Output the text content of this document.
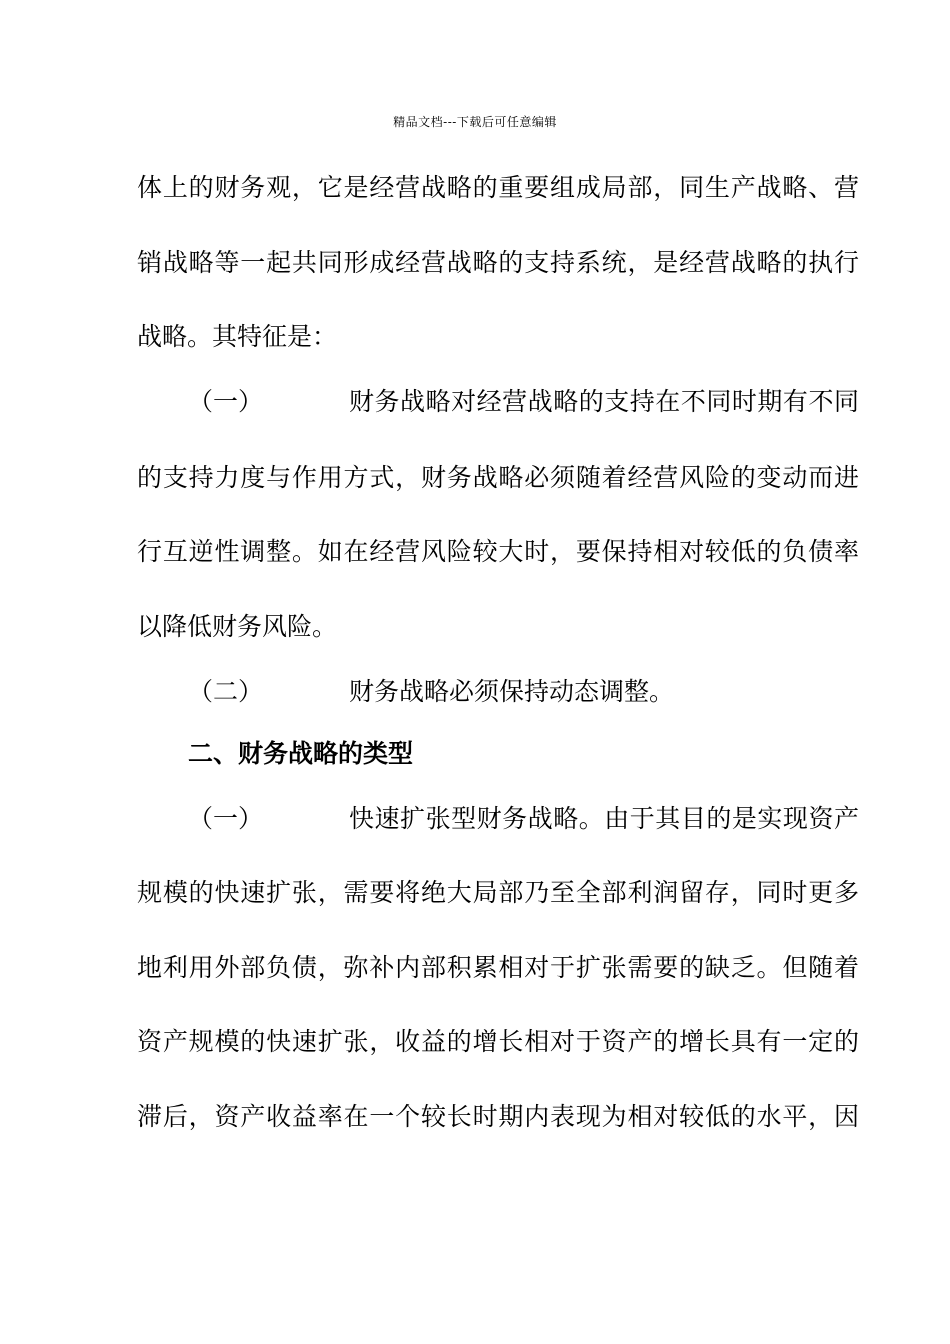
精品文档---下载后可任意编辑
体上的财务观，它是经营战略的重要组成局部，同生产战略、营
销战略等一起共同形成经营战略的支持系统，是经营战略的执行
战略。其特征是：
（一）	财务战略对经营战略的支持在不同时期有不同
的支持力度与作用方式，财务战略必须随着经营风险的变动而进
行互逆性调整。如在经营风险较大时，要保持相对较低的负债率
以降低财务风险。
（二）	财务战略必须保持动态调整。
二、财务战略的类型
（一）	快速扩张型财务战略。由于其目的是实现资产
规模的快速扩张，需要将绝大局部乃至全部利润留存，同时更多
地利用外部负债，弥补内部积累相对于扩张需要的缺乏。但随着
资产规模的快速扩张，收益的增长相对于资产的增长具有一定的
滞后，资产收益率在一个较长时期内表现为相对较低的水平，因
